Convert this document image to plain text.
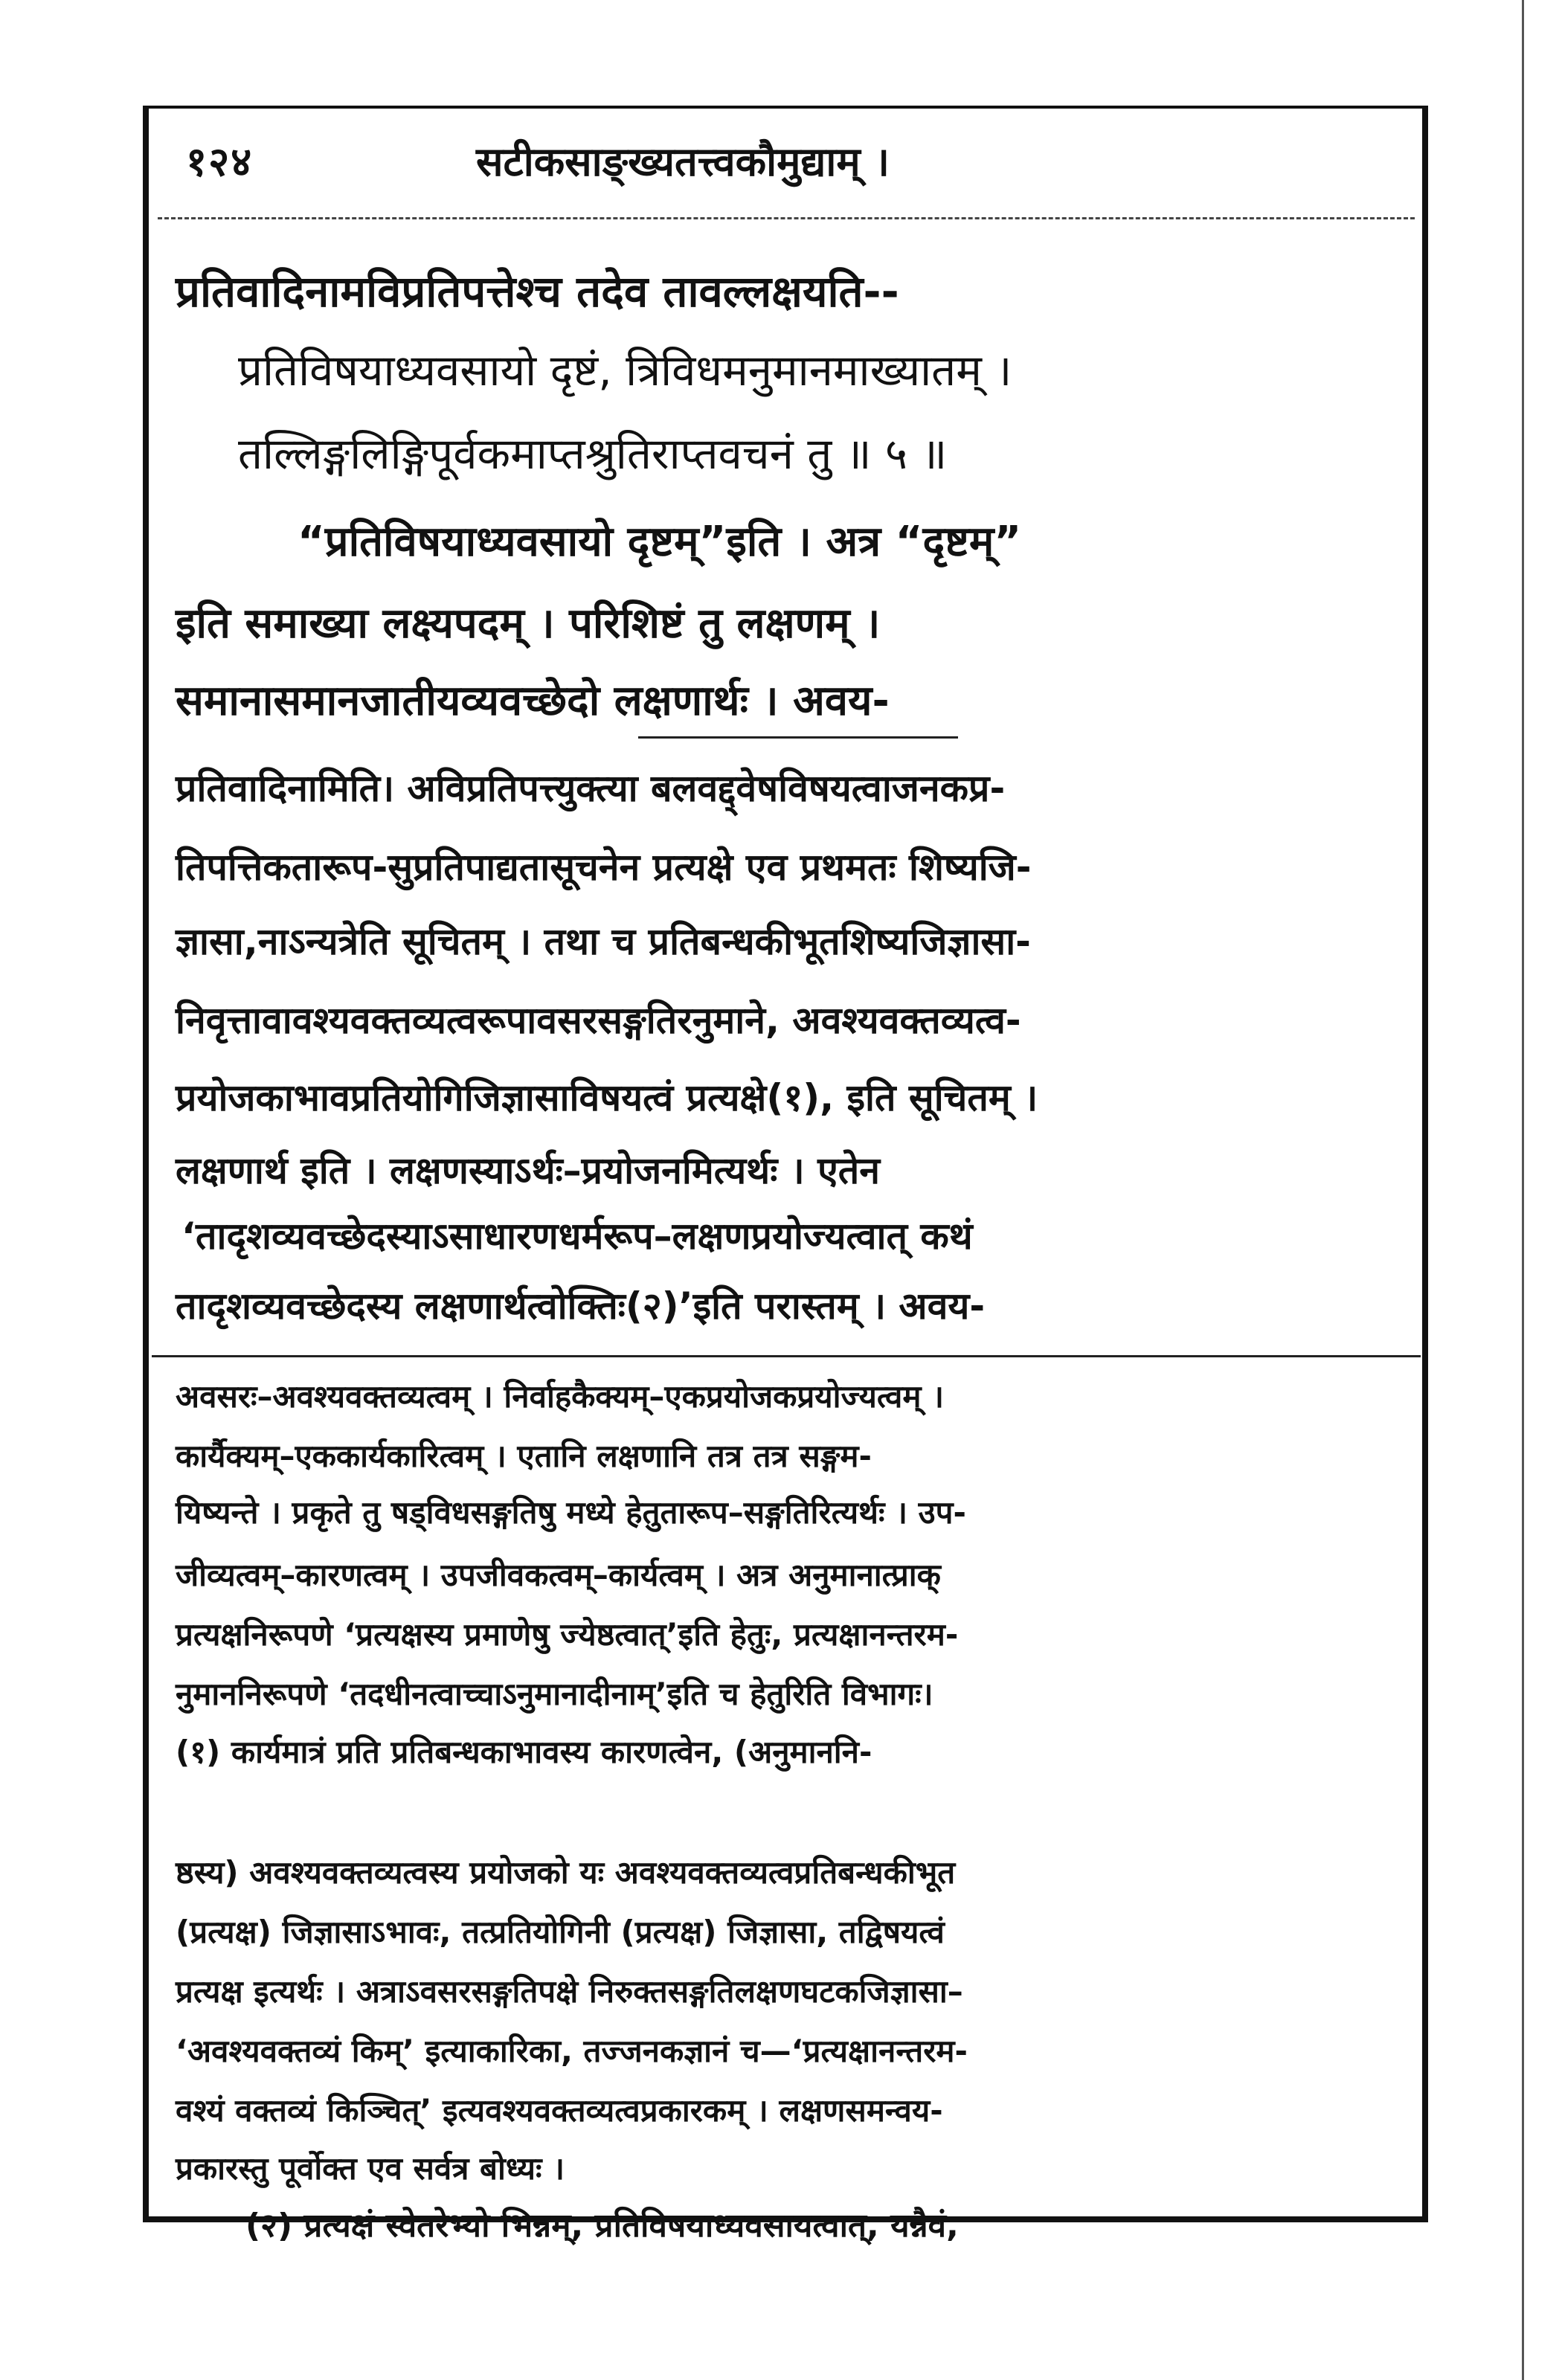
१२४	सटीकसाङ्ख्यतत्त्वकौमुद्याम् ।
प्रतिवादिनामविप्रतिपत्तेश्च तदेव तावल्लक्षयति--
प्रतिविषयाध्यवसायो दृष्टं, त्रिविधमनुमानमाख्यातम् ।
तल्लिङ्गलिङ्गिपूर्वकमाप्तश्रुतिराप्तवचनं तु ॥ ५ ॥
“प्रतिविषयाध्यवसायो दृष्टम्”इति । अत्र “दृष्टम्”
इति समाख्या लक्ष्यपदम् । परिशिष्टं तु लक्षणम् ।
समानासमानजातीयव्यवच्छेदो लक्षणार्थः । अवय-
प्रतिवादिनामिति। अविप्रतिपत्त्युक्त्या बलवद्द्वेषविषयत्वाजनकप्र-
तिपत्तिकतारूप-सुप्रतिपाद्यतासूचनेन प्रत्यक्षे एव प्रथमतः शिष्यजि-
ज्ञासा,नाऽन्यत्रेति सूचितम् । तथा च प्रतिबन्धकीभूतशिष्यजिज्ञासा-
निवृत्तावावश्यवक्तव्यत्वरूपावसरसङ्गतिरनुमाने, अवश्यवक्तव्यत्व-
प्रयोजकाभावप्रतियोगिजिज्ञासाविषयत्वं प्रत्यक्षे(१), इति सूचितम् ।
लक्षणार्थ इति । लक्षणस्याऽर्थः–प्रयोजनमित्यर्थः । एतेन
‘तादृशव्यवच्छेदस्याऽसाधारणधर्मरूप–लक्षणप्रयोज्यत्वात् कथं
तादृशव्यवच्छेदस्य लक्षणार्थत्वोक्तिः(२)’इति परास्तम् । अवय-
अवसरः–अवश्यवक्तव्यत्वम् । निर्वाहकैक्यम्–एकप्रयोजकप्रयोज्यत्वम् ।
कार्यैक्यम्–एककार्यकारित्वम् । एतानि लक्षणानि तत्र तत्र सङ्गम-
यिष्यन्ते । प्रकृते तु षड्विधसङ्गतिषु मध्ये हेतुतारूप–सङ्गतिरित्यर्थः । उप-
जीव्यत्वम्–कारणत्वम् । उपजीवकत्वम्–कार्यत्वम् । अत्र अनुमानात्प्राक्
प्रत्यक्षनिरूपणे ‘प्रत्यक्षस्य प्रमाणेषु ज्येष्ठत्वात्’इति हेतुः, प्रत्यक्षानन्तरम-
नुमाननिरूपणे ‘तदधीनत्वाच्चाऽनुमानादीनाम्’इति च हेतुरिति विभागः।
(१) कार्यमात्रं प्रति प्रतिबन्धकाभावस्य कारणत्वेन, (अनुमाननि-
ष्ठस्य) अवश्यवक्तव्यत्वस्य प्रयोजको यः अवश्यवक्तव्यत्वप्रतिबन्धकीभूत
(प्रत्यक्ष) जिज्ञासाऽभावः, तत्प्रतियोगिनी (प्रत्यक्ष) जिज्ञासा, तद्विषयत्वं
प्रत्यक्ष इत्यर्थः । अत्राऽवसरसङ्गतिपक्षे निरुक्तसङ्गतिलक्षणघटकजिज्ञासा–
‘अवश्यवक्तव्यं किम्’ इत्याकारिका, तज्जनकज्ञानं च—‘प्रत्यक्षानन्तरम-
वश्यं वक्तव्यं किञ्चित्’ इत्यवश्यवक्तव्यत्वप्रकारकम् । लक्षणसमन्वय-
प्रकारस्तु पूर्वोक्त एव सर्वत्र बोध्यः ।
(२) प्रत्यक्षं स्वेतरेभ्यो भिन्नम्, प्रतिविषयाध्यवसायत्वात्, यन्नैवं,
